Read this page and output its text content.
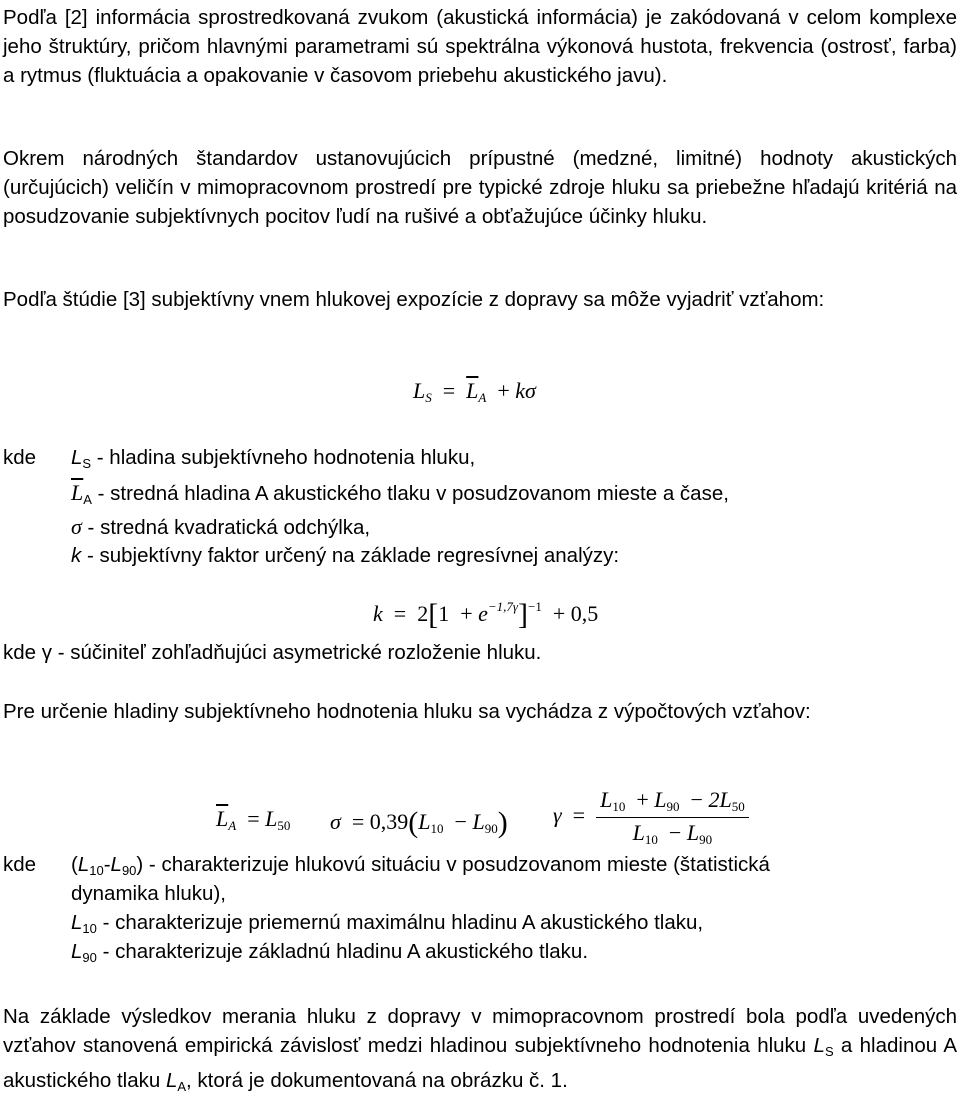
Podľa [2] informácia sprostredkovaná zvukom (akustická informácia) je zakódovaná v celom komplexe jeho štruktúry, pričom hlavnými parametrami sú spektrálna výkonová hustota, frekvencia (ostrosť, farba) a rytmus (fluktuácia a opakovanie v časovom priebehu akustického javu).

Okrem národných štandardov ustanovujúcich prípustné (medzné, limitné) hodnoty akustických (určujúcich) veličín v mimopracovnom prostredí pre typické zdroje hluku sa priebežne hľadajú kritériá na posudzovanie subjektívnych pocitov ľudí na rušivé a obťažujúce účinky hluku.

Podľa štúdie [3] subjektívny vnem hlukovej expozície z dopravy sa môže vyjadriť vzťahom:

$L_S = \overline{L}_A + k\sigma$
kde $L_S$ - hladina subjektívneho hodnotenia hluku,
$\overline{L}_A$ - stredná hladina A akustického tlaku v posudzovanom mieste a čase,
σ - stredná kvadratická odchýlka,
k - subjektívny faktor určený na základe regresívnej analýzy:
$k = 2[1 + e^{-1,7\gamma}]^{-1} + 0,5$
kde γ - súčiniteľ zohľadňujúci asymetrické rozloženie hluku.

Pre určenie hladiny subjektívneho hodnotenia hluku sa vychádza z výpočtových vzťahov:

$\overline{L}_A = L_{50}$ $\sigma = 0,39(L_{10} - L_{90}) \gamma = \frac{L_{10} + L_{90} - 2L_{50}}{L_{10} - L_{90}}$
kde $(L_{10}-L_{90})$ - charakterizuje hlukovú situáciu v posudzovanom mieste (štatistická
dynamika hluku),
$L_{10}$ - charakterizuje priemernú maximálnu hladinu A akustického tlaku,
$L_{90}$ - charakterizuje základnú hladinu A akustického tlaku.

Na základe výsledkov merania hluku z dopravy v mimopracovnom prostredí bola podľa uvedených vzťahov stanovená empirická závislosť medzi hladinou subjektívneho hodnotenia hluku $L_S$ a hladinou A akustického tlaku $L_A$, ktorá je dokumentovaná na obrázku č. 1.
